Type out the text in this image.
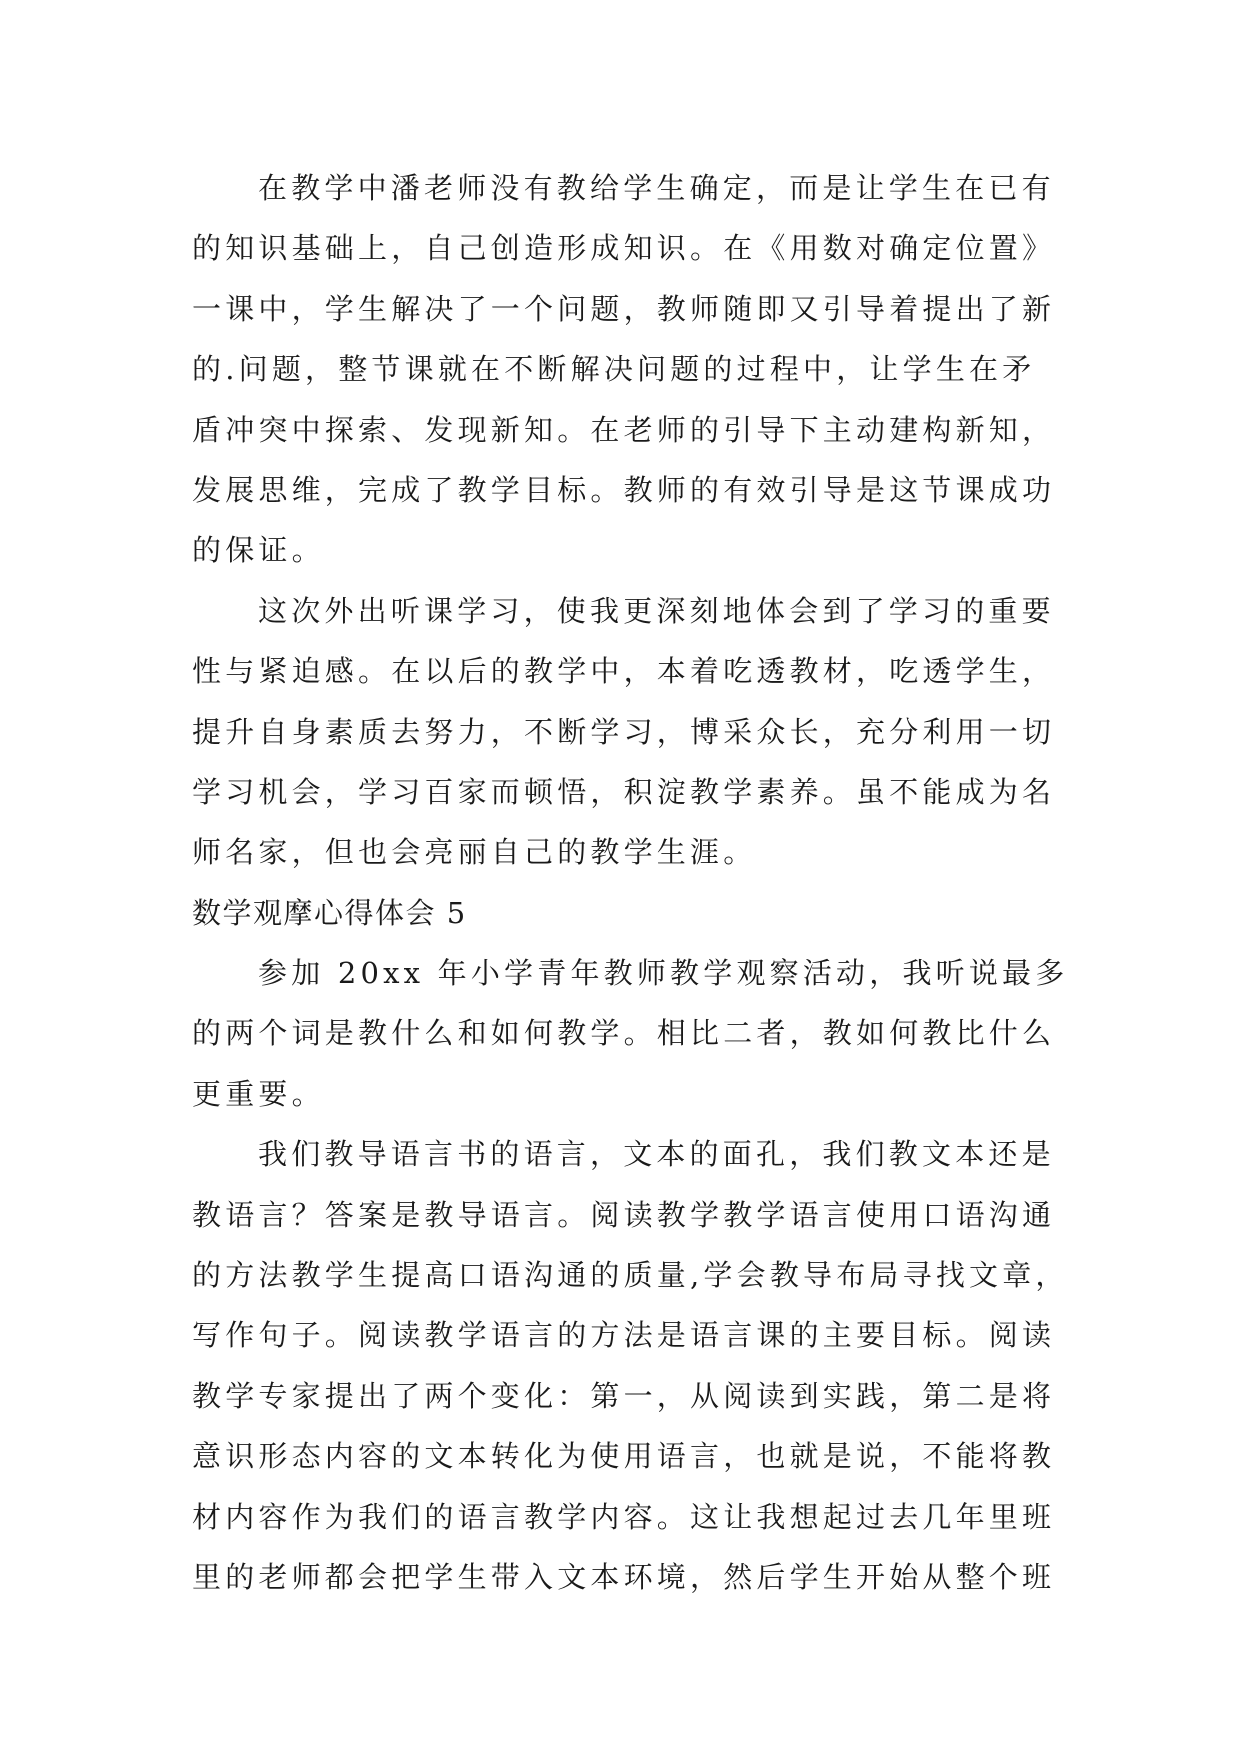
在教学中潘老师没有教给学生确定，而是让学生在已有
的知识基础上，自己创造形成知识。在《用数对确定位置》
一课中，学生解决了一个问题，教师随即又引导着提出了新
的.问题，整节课就在不断解决问题的过程中，让学生在矛
盾冲突中探索、发现新知。在老师的引导下主动建构新知，
发展思维，完成了教学目标。教师的有效引导是这节课成功
的保证。
这次外出听课学习，使我更深刻地体会到了学习的重要
性与紧迫感。在以后的教学中，本着吃透教材，吃透学生，
提升自身素质去努力，不断学习，博采众长，充分利用一切
学习机会，学习百家而顿悟，积淀教学素养。虽不能成为名
师名家，但也会亮丽自己的教学生涯。
数学观摩心得体会 5
参加 20xx 年小学青年教师教学观察活动，我听说最多
的两个词是教什么和如何教学。相比二者，教如何教比什么
更重要。
我们教导语言书的语言，文本的面孔，我们教文本还是
教语言？答案是教导语言。阅读教学教学语言使用口语沟通
的方法教学生提高口语沟通的质量,学会教导布局寻找文章，
写作句子。阅读教学语言的方法是语言课的主要目标。阅读
教学专家提出了两个变化：第一，从阅读到实践，第二是将
意识形态内容的文本转化为使用语言，也就是说，不能将教
材内容作为我们的语言教学内容。这让我想起过去几年里班
里的老师都会把学生带入文本环境，然后学生开始从整个班
